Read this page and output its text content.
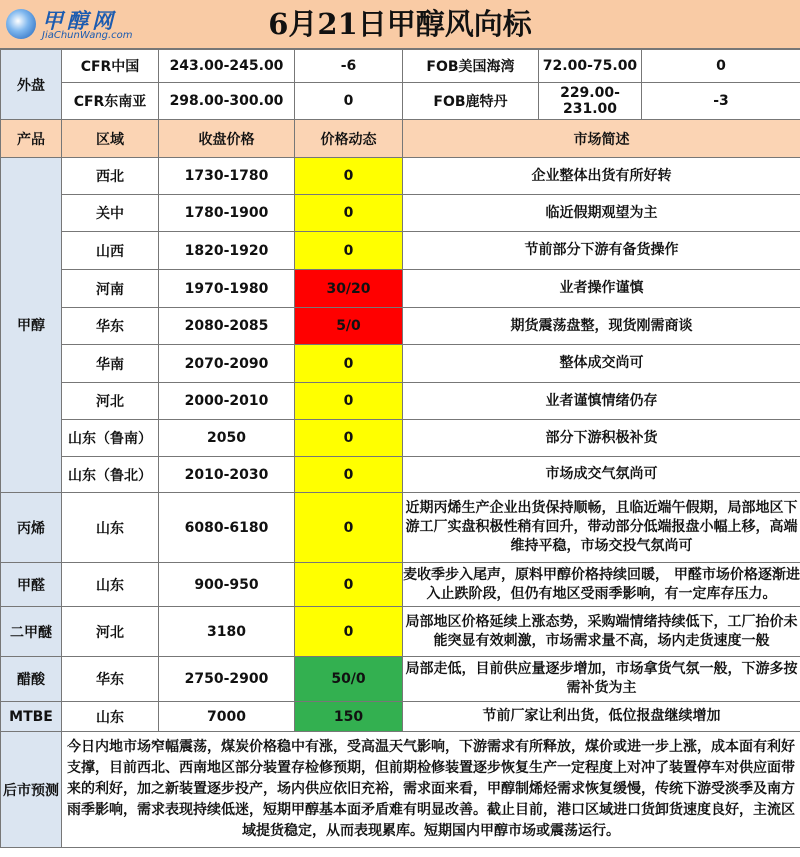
甲醇网
JiaChunWang.com	6月21日甲醇风向标
外盘	CFR中国	243.00-245.00	-6	FOB美国海湾	72.00-75.00	0
	CFR东南亚	298.00-300.00	0	FOB鹿特丹	229.00-231.00	-3
产品	区域	收盘价格	价格动态	市场简述		
甲醇	西北	1730-1780	0	企业整体出货有所好转		
	关中	1780-1900	0	临近假期观望为主		
	山西	1820-1920	0	节前部分下游有备货操作		
	河南	1970-1980	30/20	业者操作谨慎		
	华东	2080-2085	5/0	期货震荡盘整，现货刚需商谈		
	华南	2070-2090	0	整体成交尚可		
	河北	2000-2010	0	业者谨慎情绪仍存		
	山东（鲁南）	2050	0	部分下游积极补货		
	山东（鲁北）	2010-2030	0	市场成交气氛尚可		
丙烯	山东	6080-6180	0	近期丙烯生产企业出货保持顺畅，且临近端午假期，局部地区下游工厂实盘积极性稍有回升，带动部分低端报盘小幅上移，高端维持平稳，市场交投气氛尚可		
甲醛	山东	900-950	0	麦收季步入尾声，原料甲醇价格持续回暖， 甲醛市场价格逐渐进入止跌阶段，但仍有地区受雨季影响，有一定库存压力。		
二甲醚	河北	3180	0	局部地区价格延续上涨态势，采购端情绪持续低下，工厂抬价未能突显有效刺激，市场需求量不高，场内走货速度一般		
醋酸	华东	2750-2900	50/0	局部走低，目前供应量逐步增加，市场拿货气氛一般，下游多按需补货为主		
MTBE	山东	7000	150	节前厂家让利出货，低位报盘继续增加		
后市预测	今日内地市场窄幅震荡，煤炭价格稳中有涨，受高温天气影响，下游需求有所释放，煤价或进一步上涨，成本面有利好支撑，目前西北、西南地区部分装置存检修预期，但前期检修装置逐步恢复生产一定程度上对冲了装置停车对供应面带来的利好，加之新装置逐步投产，场内供应依旧充裕，需求面来看，甲醇制烯烃需求恢复缓慢，传统下游受淡季及南方雨季影响，需求表现持续低迷，短期甲醇基本面矛盾难有明显改善。截止目前，港口区域进口货卸货速度良好，主流区域提货稳定，从而表现累库。短期国内甲醇市场或震荡运行。					
